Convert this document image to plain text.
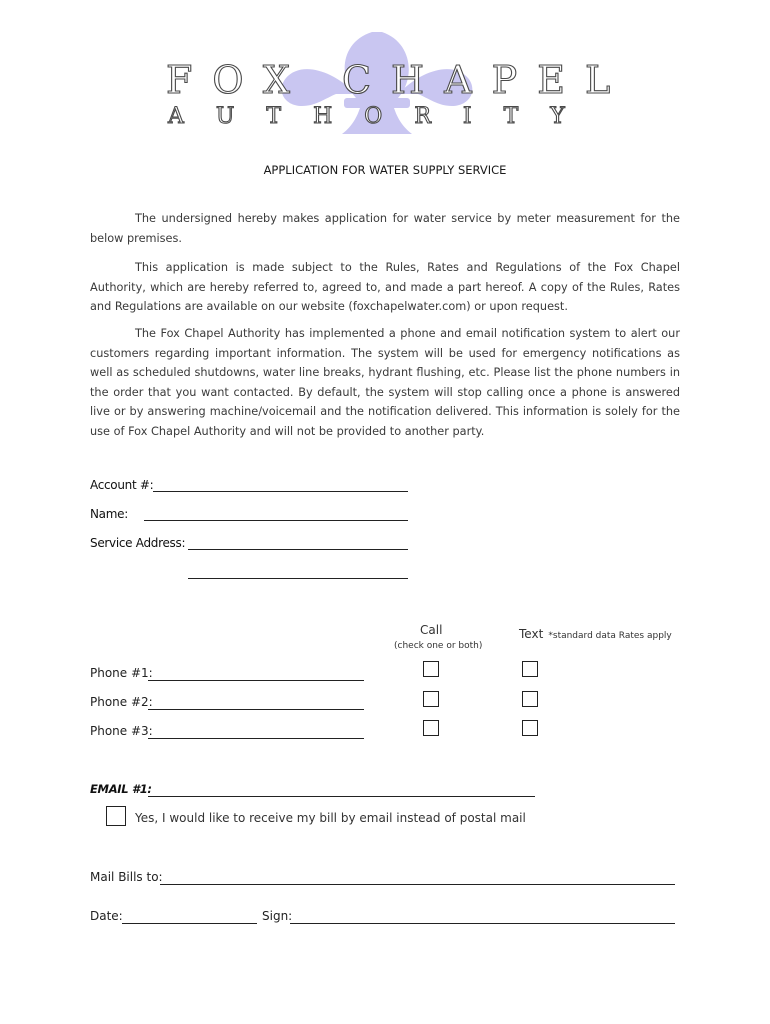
FOX CHAPEL
AUTHORITY
APPLICATION FOR WATER SUPPLY SERVICE

The undersigned hereby makes application for water service by meter measurement for the below premises.

This application is made subject to the Rules, Rates and Regulations of the Fox Chapel Authority, which are hereby referred to, agreed to, and made a part hereof. A copy of the Rules, Rates and Regulations are available on our website (foxchapelwater.com) or upon request.

The Fox Chapel Authority has implemented a phone and email notification system to alert our customers regarding important information. The system will be used for emergency notifications as well as scheduled shutdowns, water line breaks, hydrant flushing, etc. Please list the phone numbers in the order that you want contacted. By default, the system will stop calling once a phone is answered live or by answering machine/voicemail and the notification delivered. This information is solely for the use of Fox Chapel Authority and will not be provided to another party.

Account #:
Name:
Service Address:
Call
(check one or both)
Text *standard data Rates apply
Phone #1:
Phone #2:
Phone #3:
EMAIL #1:
Yes, I would like to receive my bill by email instead of postal mail
Mail Bills to:
Date:	Sign:
